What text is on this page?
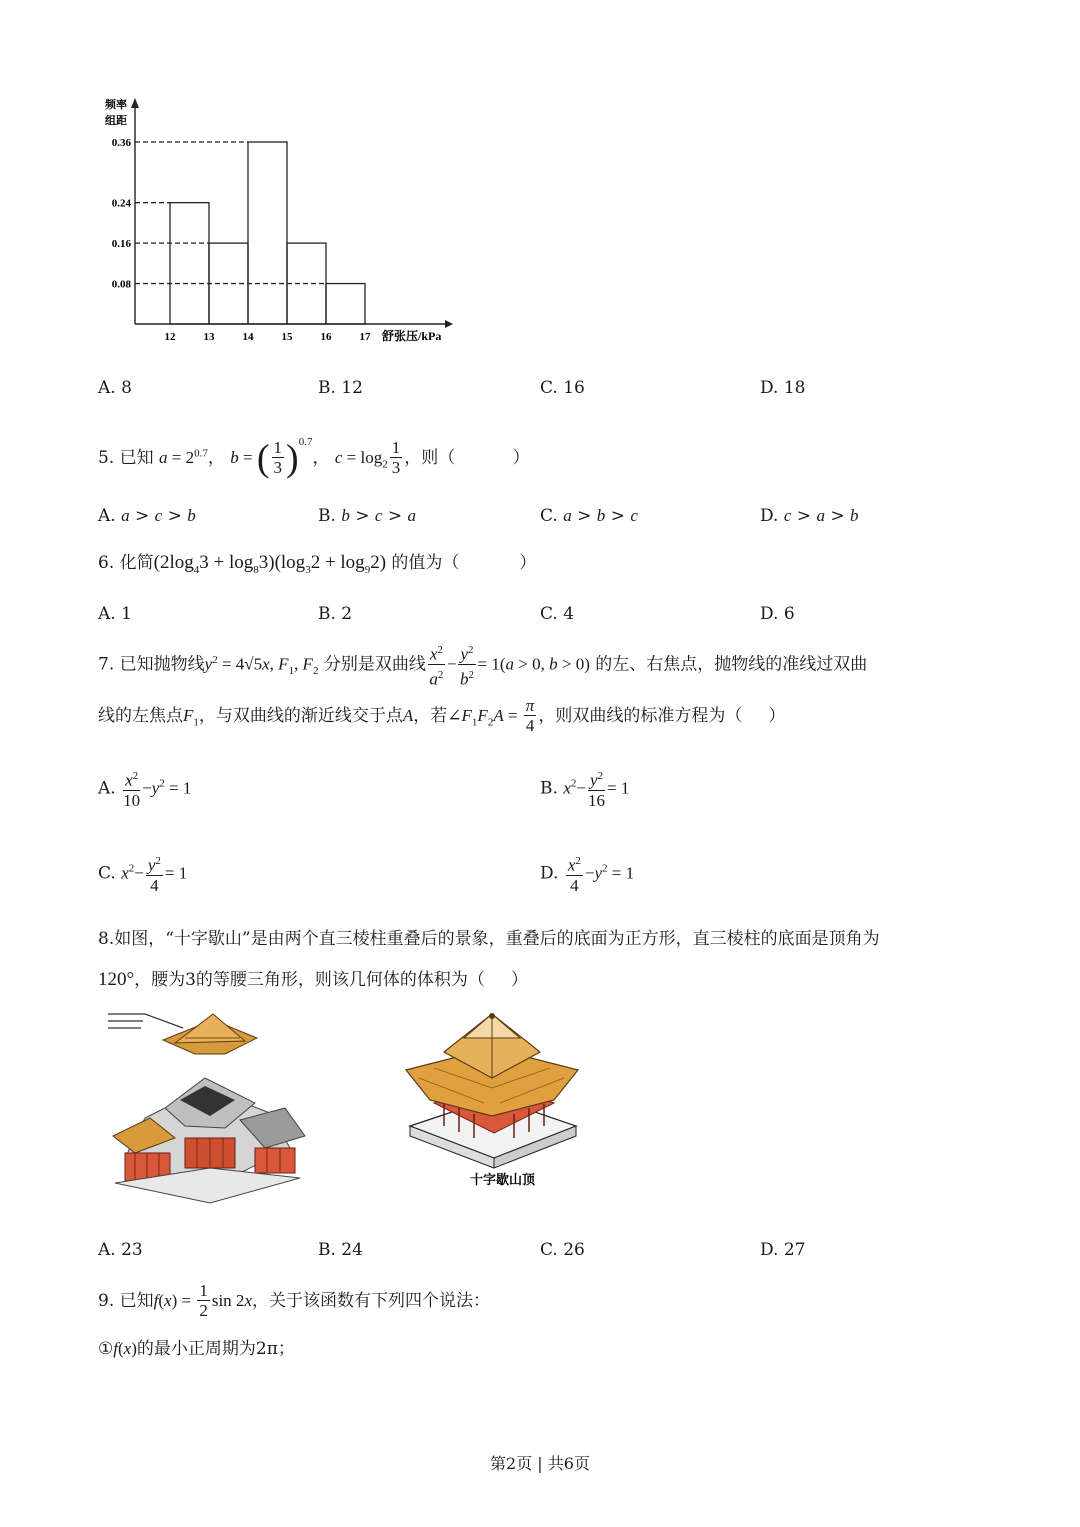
0.08
0.16
0.24
0.36
12	13	14	15	16	17
频率
组距
舒张压/kPa
A. 8	B. 12	C. 16	D. 18
5. 已知 $a = 2^{0.7}$， b = ( $\frac{1}{3} )^{0.7}$， $c = \log_2 \frac{1}{3}$ ，则（	）
A. a > c > b	B. b > c > a	C. a > b > c	D. c > a > b
6. 化简$(2\log_43 + \log_83)(\log_32 + \log_92)$ 的值为（	）
A. 1	B. 2	C. 4	D. 6
7. 已知抛物线$y^2 = 4√5x$, $F_1$, $F_2$ 分别是双曲线 $\frac{x^2}{a^2} - \frac{y^2}{b^2} = 1(a > 0$, b > 0) 的左、右焦点，抛物线的准线过双曲
线的左焦点$F_1$，与双曲线的渐近线交于点A，若$\angle F_1F_2A = \frac{\pi}{4}$ ，则双曲线的标准方程为（ ）
A. $\frac{x^2}{10} -y^2 = 1$	B. $x^2- \frac{y^2}{16} = 1$
C. $x^2- \frac{y^2}{4} = 1$	D. $\frac{x^2}{4} -y^2 = 1$
8.如图，“十字歇山”是由两个直三棱柱重叠后的景象，重叠后的底面为正方形，直三棱柱的底面是顶角为
120°，腰为3的等腰三角形，则该几何体的体积为（ ）
十字歇山顶
A. 23	B. 24	C. 26	D. 27
9. 已知$f(x) = \frac{1}{2}$ sin 2x，关于该函数有下列四个说法：
①f(x)的最小正周期为2π；
第2页 | 共6页
